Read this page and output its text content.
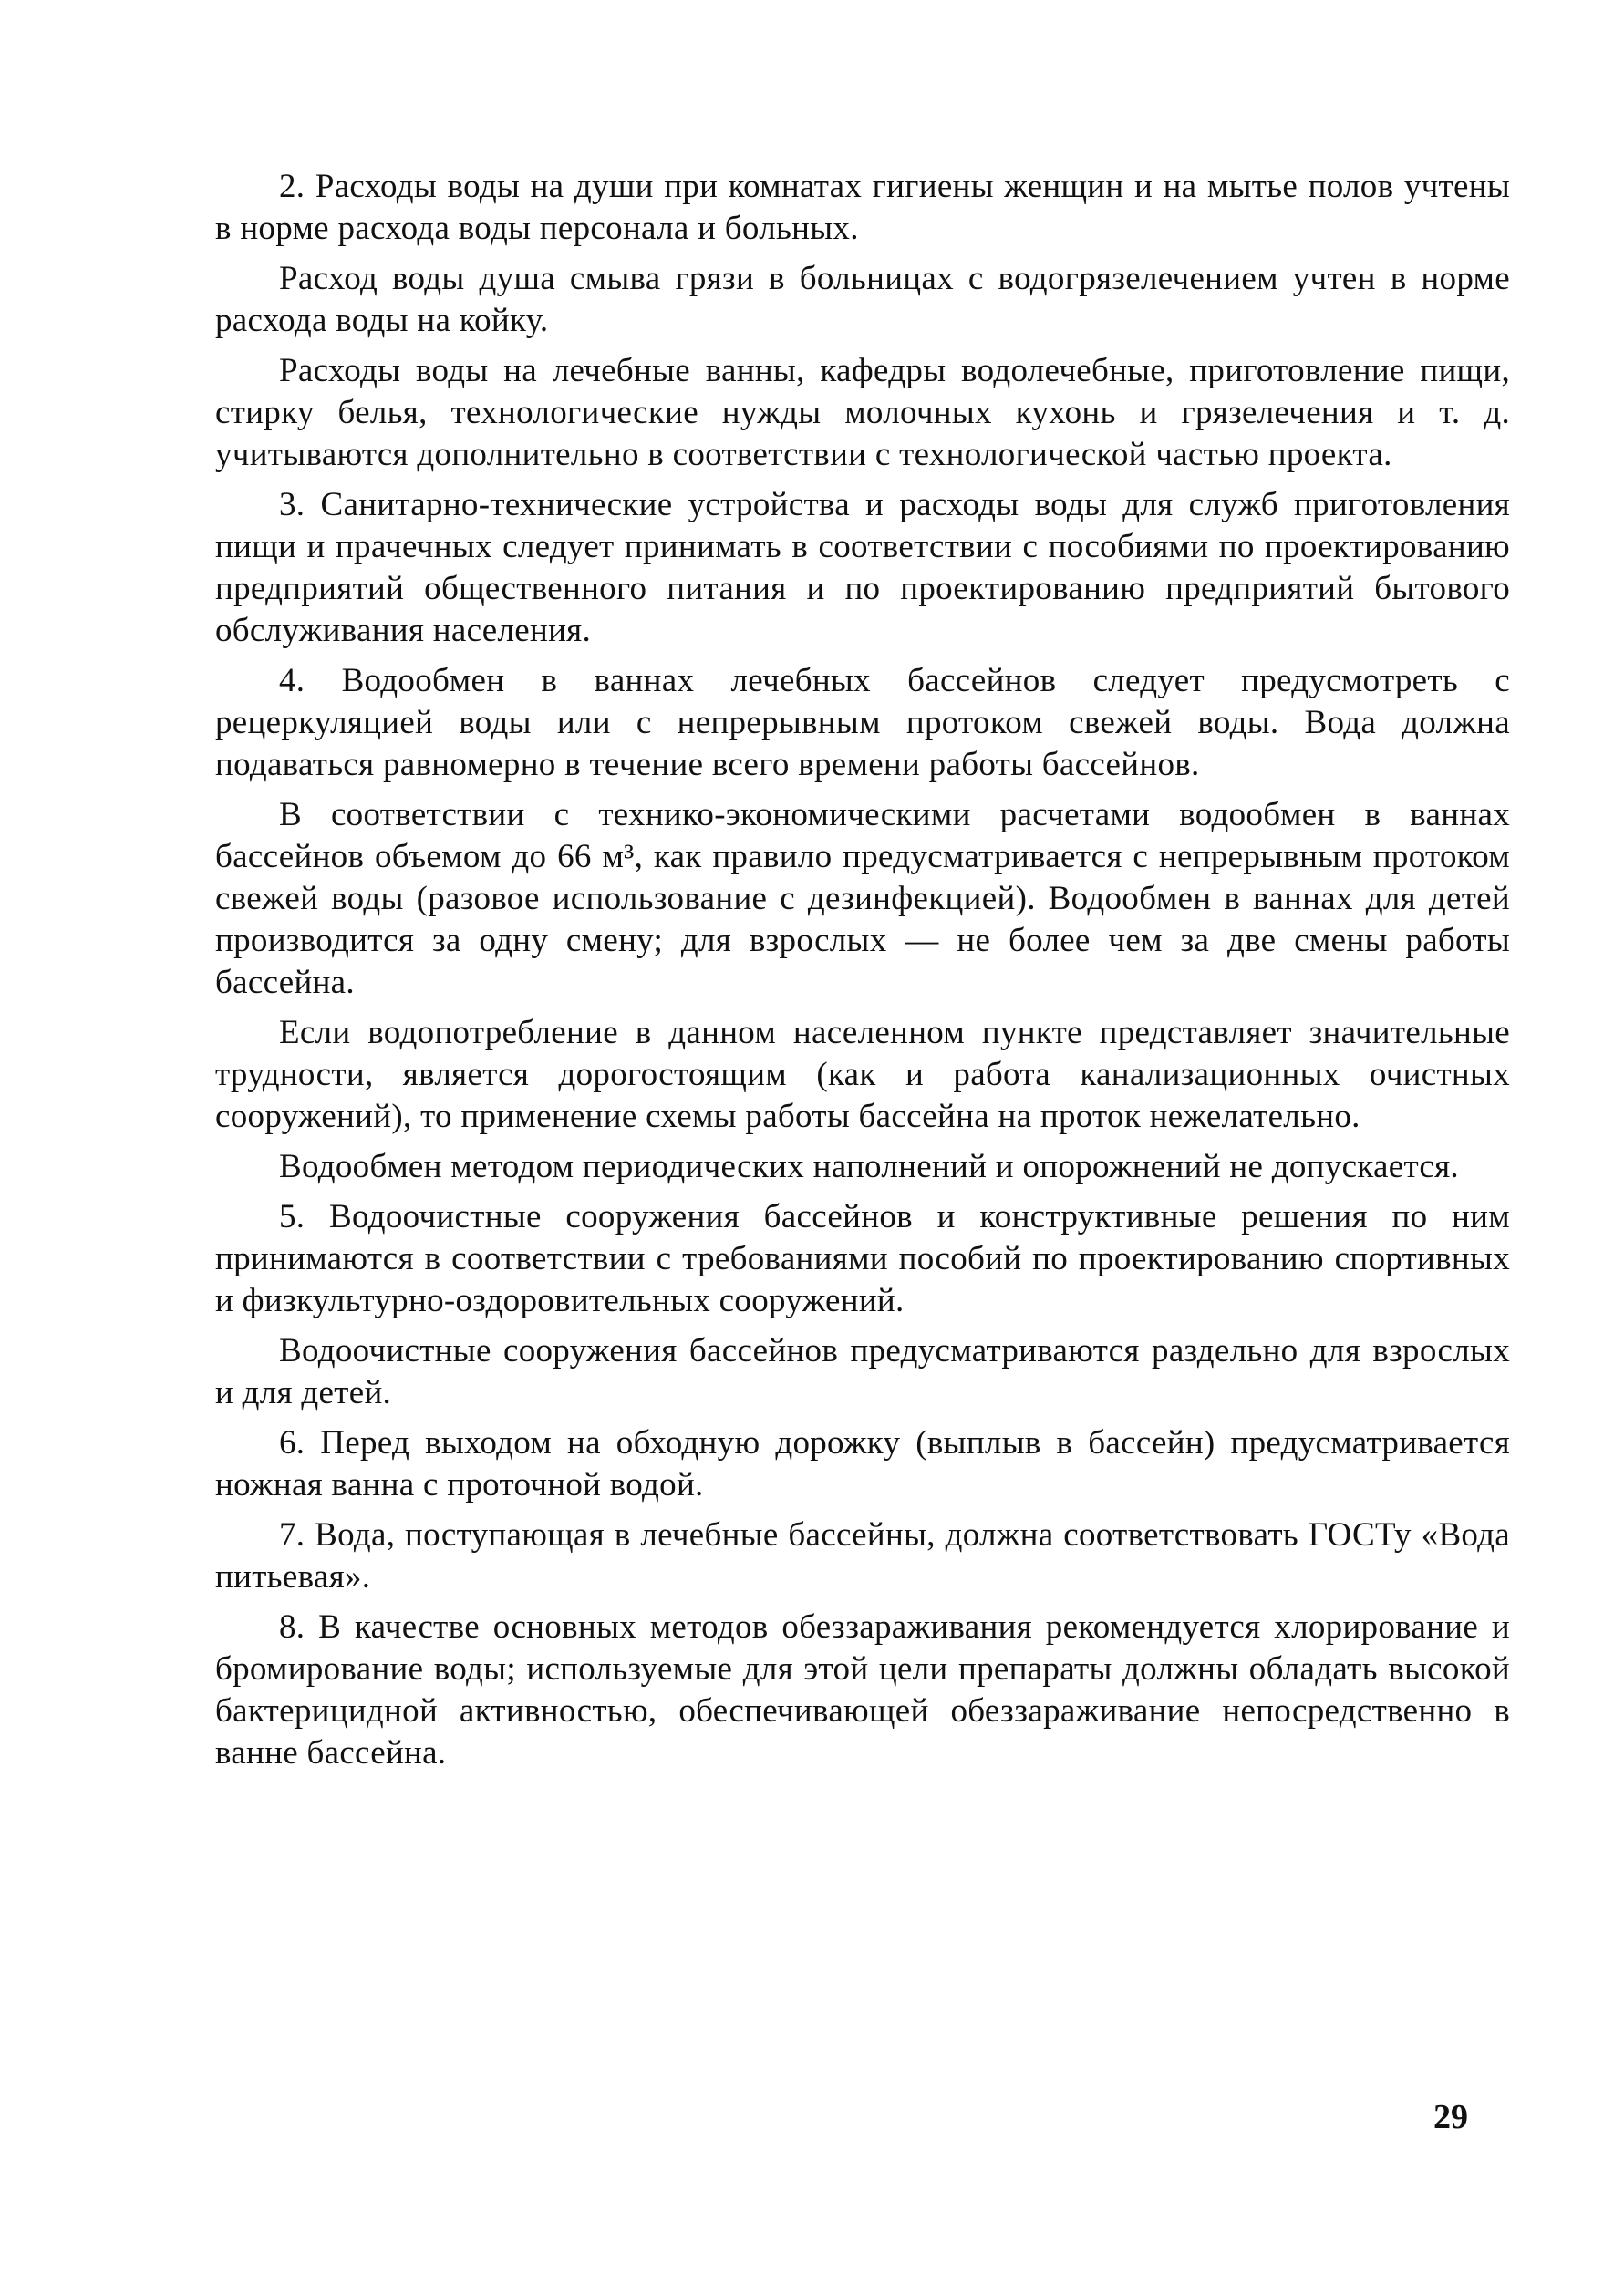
2. Расходы воды на души при комнатах гигиены женщин и на мытье полов учтены в норме расхода воды персонала и больных.

Расход воды душа смыва грязи в больницах с водогрязелечением учтен в норме расхода воды на койку.

Расходы воды на лечебные ванны, кафедры водолечебные, приготовление пищи, стирку белья, технологические нужды молочных кухонь и грязелечения и т. д. учитываются дополнительно в соответствии с технологической частью проекта.

3. Санитарно-технические устройства и расходы воды для служб приготовления пищи и прачечных следует принимать в соответствии с пособиями по проектированию предприятий общественного питания и по проектированию предприятий бытового обслуживания населения.

4. Водообмен в ваннах лечебных бассейнов следует предусмотреть с рецеркуляцией воды или с непрерывным протоком свежей воды. Вода должна подаваться равномерно в течение всего времени работы бассейнов.

В соответствии с технико-экономическими расчетами водообмен в ваннах бассейнов объемом до 66 м³, как правило предусматривается с непрерывным протоком свежей воды (разовое использование с дезинфекцией). Водообмен в ваннах для детей производится за одну смену; для взрослых — не более чем за две смены работы бассейна.

Если водопотребление в данном населенном пункте представляет значительные трудности, является дорогостоящим (как и работа канализационных очистных сооружений), то применение схемы работы бассейна на проток нежелательно.

Водообмен методом периодических наполнений и опорожнений не допускается.

5. Водоочистные сооружения бассейнов и конструктивные решения по ним принимаются в соответствии с требованиями пособий по проектированию спортивных и физкультурно-оздоровительных сооружений.

Водоочистные сооружения бассейнов предусматриваются раздельно для взрослых и для детей.

6. Перед выходом на обходную дорожку (выплыв в бассейн) предусматривается ножная ванна с проточной водой.

7. Вода, поступающая в лечебные бассейны, должна соответствовать ГОСТу «Вода питьевая».

8. В качестве основных методов обеззараживания рекомендуется хлорирование и бромирование воды; используемые для этой цели препараты должны обладать высокой бактерицидной активностью, обеспечивающей обеззараживание непосредственно в ванне бассейна.

29
